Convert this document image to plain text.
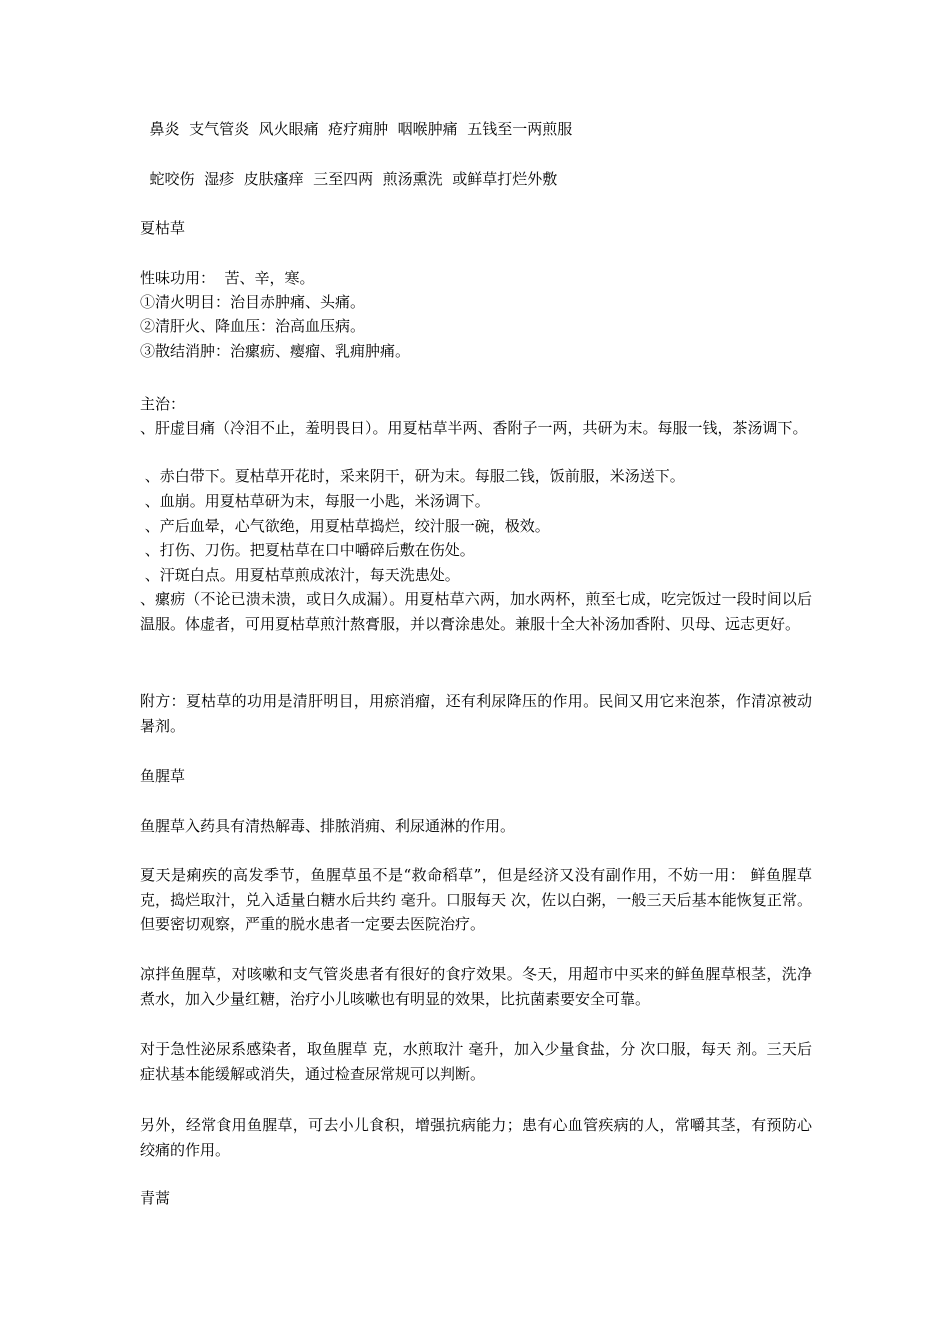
鼻炎  支气管炎  风火眼痛  疮疗痈肿  咽喉肿痛  五钱至一两煎服
蛇咬伤  湿疹  皮肤瘙痒  三至四两  煎汤熏洗  或鲜草打烂外敷
夏枯草
性味功用：  苦、辛，寒。
①清火明目：治目赤肿痛、头痛。
②清肝火、降血压：治高血压病。
③散结消肿：治瘰疬、瘿瘤、乳痈肿痛。
主治：
、肝虚目痛（冷泪不止，羞明畏日）。用夏枯草半两、香附子一两，共研为末。每服一钱，茶汤调下。
、赤白带下。夏枯草开花时，采来阴干，研为末。每服二钱，饭前服，米汤送下。
、血崩。用夏枯草研为末，每服一小匙，米汤调下。
、产后血晕，心气欲绝，用夏枯草捣烂，绞汁服一碗，极效。
、打伤、刀伤。把夏枯草在口中嚼碎后敷在伤处。
、汗斑白点。用夏枯草煎成浓汁，每天洗患处。
、瘰疬（不论已溃未溃，或日久成漏）。用夏枯草六两，加水两杯，煎至七成，吃完饭过一段时间以后温服。体虚者，可用夏枯草煎汁熬膏服，并以膏涂患处。兼服十全大补汤加香附、贝母、远志更好。
附方：夏枯草的功用是清肝明目，用瘀消瘤，还有利尿降压的作用。民间又用它来泡茶，作清凉被动暑剂。
鱼腥草
鱼腥草入药具有清热解毒、排脓消痈、利尿通淋的作用。
夏天是痢疾的高发季节，鱼腥草虽不是“救命稻草”，但是经济又没有副作用，不妨一用： 鲜鱼腥草 克，捣烂取汁，兑入适量白糖水后共约 毫升。口服每天 次，佐以白粥，一般三天后基本能恢复正常。但要密切观察，严重的脱水患者一定要去医院治疗。
凉拌鱼腥草，对咳嗽和支气管炎患者有很好的食疗效果。冬天，用超市中买来的鲜鱼腥草根茎，洗净煮水，加入少量红糖，治疗小儿咳嗽也有明显的效果，比抗菌素要安全可靠。
对于急性泌尿系感染者，取鱼腥草 克，水煎取汁 毫升，加入少量食盐，分 次口服，每天 剂。三天后症状基本能缓解或消失，通过检查尿常规可以判断。
另外，经常食用鱼腥草，可去小儿食积，增强抗病能力；患有心血管疾病的人，常嚼其茎，有预防心绞痛的作用。
青蒿
